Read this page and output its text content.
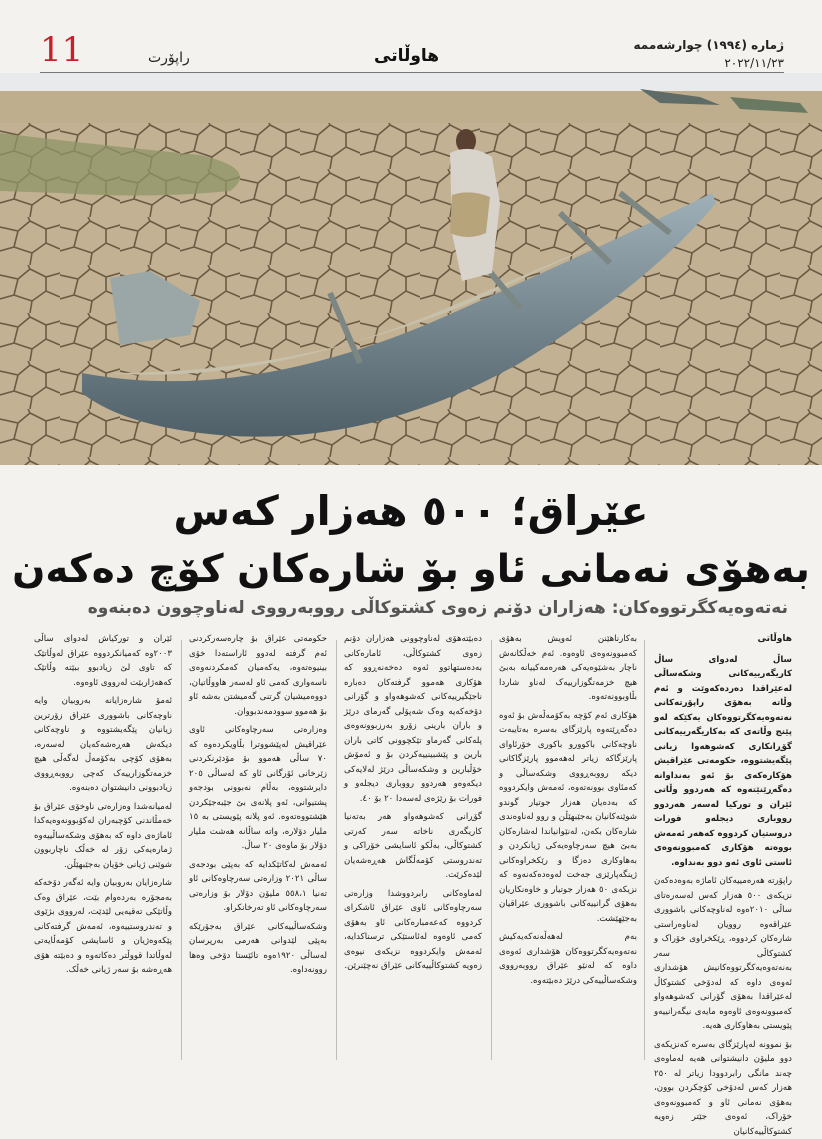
11	راپۆرت	هاوڵاتی
ژمارە (١٩٩٤) چوارشەممە
٢٠٢٢/١١/٢٣
عێراق؛ ٥٠٠ هەزار کەس
بەهۆی نەمانی ئاو بۆ شارەکان کۆچ دەکەن
نەتەوەیەکگرتووەکان: هەزاران دۆنم زەوی کشتوکاڵی رووبەرووی لەناوچوون دەبنەوە
هاوڵاتی

ساڵ لەدوای ساڵ کاریگەرییەکانی وشکەساڵی لەعێراقدا دەردەکەوێت و ئەم وڵاتە بەهۆی راپۆرتەکانی نەتەوەیەکگرتووەکان یەکێکە لەو پێنج وڵاتەی کە بەکاریگەرییەکانی گۆڕانکاری کەشوهەوا زیانی پێگەیشتووە، حکومەتی عێراقیش هۆکارەکەی بۆ ئەو بەنداوانە دەگەڕێنێتەوە کە هەردوو وڵاتی ئێران و تورکیا لەسەر هەردوو رووباری دیجلەو فورات دروستیان کردووە کەهەر ئەمەش بووەتە هۆکاری کەمبوونەوەی ئاستی ئاوی ئەو دوو بەنداوە.

راپۆرتە هەرەمییەکان ئاماژە بەوەدەکەن نزیکەی ٥٠٠ هەزار کەس لەسەرەتای ساڵی ٢٠١٠ەوە لەناوچەکانی باشووری عێراقەوە روویان لەناوەراستی شارەکان کردووە، ڕێکخراوی خۆراک و کشتوکاڵی سەر بەنەتەوەیەکگرتووەکانیش هۆشداری ئەوەی داوە کە لەدۆخی کشتوکاڵ لەعێراقدا بەهۆی گۆرانی کەشوهەواو کەمبوونەوەی ئاوەوە مایەی نیگەرانییەو پێویستی بەهاوکاری هەیە.

بۆ نموونە لەپارێزگای بەسرە کەنزیکەی دوو ملیۆن دانیشتوانی هەیە لەماوەی چەند مانگی رابردوودا زیاتر لە ٢٥٠ هەزار کەس لەدۆخی کۆچکردن بوون، بەهۆی نەمانی ئاو و کەمبوونەوەی خۆراک، ئەوەی جێتر زەویە کشتوکاڵییەکانیان

بەکارناهێنن ئەویش بەهۆی کەمبوونەوەی ئاوەوە. ئەم خەڵکانەش ناچار بەشێوەیەکی هەرەمەکییانە بەبێ هیچ خزمەتگوزارییەک لەناو شاردا بڵاوبوونەتەوە.

هۆکاری ئەم کۆچە بەکۆمەڵەش بۆ ئەوە دەگەڕێتەوە پارێزگای بەسرە بەتایبەت ناوچەکانی باکوورو باکوری خۆرئاوای پارێزگاکە زیاتر لەهەموو پارێزگاکانی دیکە رووبەڕووی وشکەساڵی و کەمئاوی بوونەتەوە، ئەمەش وایکردووە کە بەدەیان هەزار جوتیار گوندو شوێنەکانیان بەجێبهێڵن و روو لەناوەندی شارەکان بکەن، لەنێوانیاندا لەشارەکان بەبێ هیچ سەرچاوەیەکی ژیانکردن و بەهاوکاری دەزگا و رێکخراوەکانی ژینگەپارێزی جەخت لەوەدەکەنەوە کە نزیکەی ٥٠ هەزار جوتیار و خاوەنکاریان بەهۆی گرانییەکانی باشووری عێراقیان بەجێهێشت.

بەم لەهەڵەنەکەیەکیش نەتەوەیەکگرتووەکان هۆشداری ئەوەی داوە کە لەنێو عێراق رووبەرووی وشکەساڵییەکی درێژ دەبێتەوە.

دەبێتەهۆی لەناوچوونی هەزاران دۆنم زەوی کشتوکاڵی، ئامارەکانی بەدەستهاتوو ئەوە دەخەنەڕوو کە هۆکاری هەموو گرفتەکان دەبارە ناجێگیرییەکانی کەشوهەواو و گۆرانی دۆخەکەیە وەک شەپۆلی گەرمای درێژ و باران بارینی زۆرو بەرزبوونەوەی پلەکانی گەرماو تێکچوونی کاتی باران بارین و پێشبینییەکردن بۆ و ئەمۆش خۆڵبارین و وشکەساڵی درێژ لەلایەکی دیکەوەو هەردوو رووباری دیجلەو و فورات بۆ رێژەی لەسەدا ٢٠ بۆ ٤٠.

گۆڕانی کەشوهەواو هەر بەتەنیا کاریگەری ناخاتە سەر کەرتی کشتوکاڵی، بەڵکو ئاسایشی خۆراکی و تەندروستی کۆمەڵگاش هەڕەشەیان لێدەکرێت.

لەماوەکانی رابردووشدا وزارەتی سەرچاوەکانی ئاوی عێراق ئاشکرای کردووە کەعەمبارەکانی ئاو بەهۆی کەمی ئاوەوە لەئاستێکی ترسناکدایە، ئەمەش وایکردووە نزیکەی نیوەی زەویە کشتوکاڵییەکانی عێراق نەچێنرێن.

حکومەتی عێراق بۆ چارەسەرکردنی ئەم گرفتە لەدوو ئاراستەدا خۆی بینیوەتەوە، یەکەمیان کەمکردنەوەی ناسەواری کەمی ئاو لەسەر هاووڵاتیان، دووەمیشیان گرتنی گەمیشتن بەشە ئاو بۆ هەموو سوودمەندبووان.

وەزارەتی سەرچاوەکانی ئاوی عێراقیش لەپێشووترا بڵاویکردەوە کە ٧٠ ساڵی هەموو بۆ مۆدێرنکردنی زێرخانی ئۆرگانی ئاو کە لەساڵی ٢٠٥ دایرشتووە، بەڵام نەبوونی بودجەو پشتیوانی، ئەو پلانەی بێ جێبەجێکردن هێشتووەتەوە. ئەو پلانە پێویستی بە ١٥ ملیار دۆلارە، واتە ساڵانە هەشت ملیار دۆلار بۆ ماوەی ٢٠ ساڵ.

ئەمەش لەکاتێکدایە کە بەپێی بودجەی ساڵی ٢٠٢١ وزارەتی سەرچاوەکانی ئاو تەنیا ٥٥٨،١ ملیۆن دۆلار بۆ وزارەتی سەرچاوەکانی ئاو تەرخانکراو.

وشکەساڵییەکانی عێراق بەجۆرێکە بەپێی لێدوانی هەرمی بەرپرسان لەساڵی ١٩٢٠ەوە تائێستا دۆخی وەها روونەداوە.

ئێران و تورکیاش لەدوای ساڵی ٢٠٠٣وە کەمیانکردووە عێراق لەوڵاتێک کە تاوی لێ زیادبوو ببێتە وڵاتێک کەهەژاربێت لەرووی ئاوەوە.

ئەمۆ شارەزایانە بەروبیان وایە ناوچەکانی باشووری عێراق زۆرترین زیانیان پێگەیشتووە و ناوچەکانی دیکەش هەڕەشەکەیان لەسەرە، بەهۆی کۆچی بەکۆمەڵ لەگەڵی هیچ خزمەتگوزارییەک کەچی رووبەڕووی زیادبوونی دانیشتوان دەبنەوە.

لەمیانەشدا وەزارەتی ناوخۆی عێراق بۆ خەمڵاندنی کۆچبەران لەکۆبوونەوەیەکدا ئاماژەی داوە کە بەهۆی وشکەساڵییەوە ژمارەیەکی زۆر لە خەڵک ناچاربوون شوێنی ژیانی خۆیان بەجێبهێڵن.

شارەزایان بەروبیان وایە ئەگەر دۆخەکە بەمجۆرە بەردەوام بێت، عێراق وەک وڵاتێکی تەقیەیی لێدێت، لەرووی بژێوی و تەندروستییەوە، ئەمەش گرفتەکانی پێکەوەژیان و ئاسایشی کۆمەڵایەتی لەوڵاتدا قووڵتر دەکاتەوە و دەبێتە هۆی هەڕەشە بۆ سەر ژیانی خەڵک.
